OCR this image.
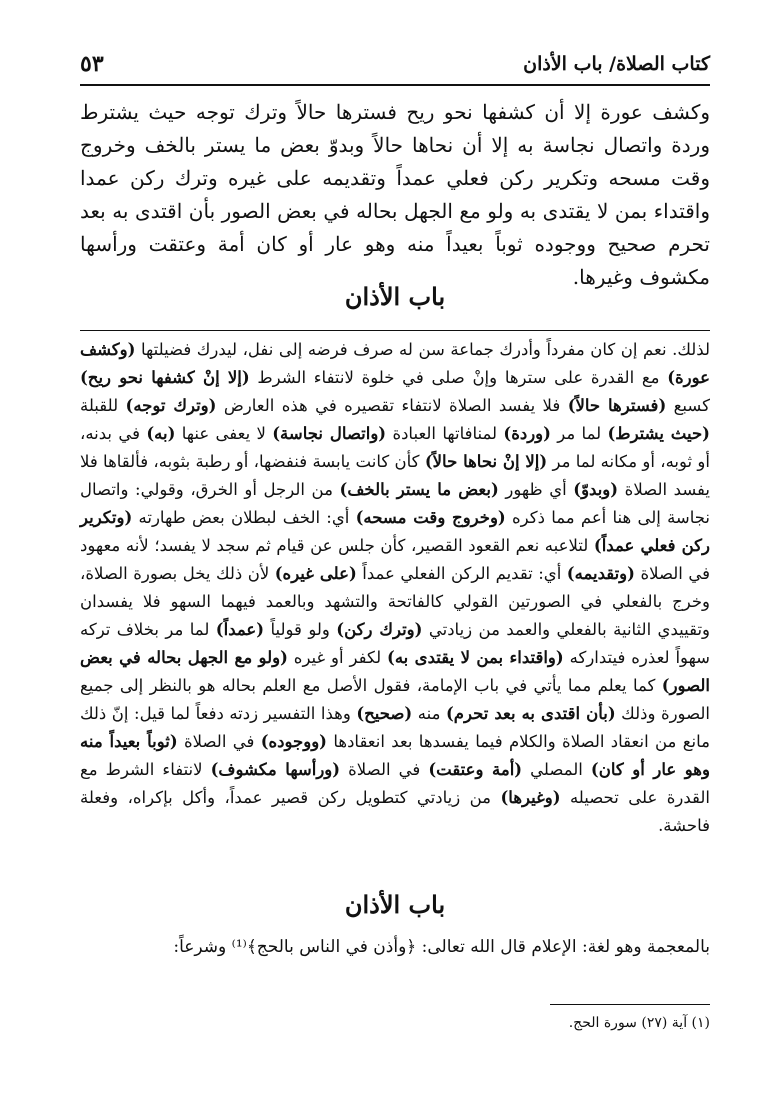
كتاب الصلاة/ باب الأذان
٥٣

وكشف عورة إلا أن كشفها نحو ريح فسترها حالاً وترك توجه حيث يشترط وردة واتصال نجاسة به إلا أن نحاها حالاً وبدوّ بعض ما يستر بالخف وخروج وقت مسحه وتكرير ركن فعلي عمداً وتقديمه على غيره وترك ركن عمدا واقتداء بمن لا يقتدى به ولو مع الجهل بحاله في بعض الصور بأن اقتدى به بعد تحرم صحيح ووجوده ثوباً بعيداً منه وهو عار أو كان أمة وعتقت ورأسها مكشوف وغيرها.

باب الأذان

لذلك. نعم إن كان مفرداً وأدرك جماعة سن له صرف فرضه إلى نفل، ليدرك فضيلتها (وكشف عورة) مع القدرة على سترها وإنْ صلى في خلوة لانتفاء الشرط (إلا إنْ كشفها نحو ريح) كسبع (فسترها حالاً) فلا يفسد الصلاة لانتفاء تقصيره في هذه العارض (وترك توجه) للقبلة (حيث يشترط) لما مر (وردة) لمنافاتها العبادة (واتصال نجاسة) لا يعفى عنها (به) في بدنه، أو ثوبه، أو مكانه لما مر (إلا إنْ نحاها حالاً) كأن كانت يابسة فنفضها، أو رطبة بثوبه، فألقاها فلا يفسد الصلاة (وبدوّ) أي ظهور (بعض ما يستر بالخف) من الرجل أو الخرق، وقولي: واتصال نجاسة إلى هنا أعم مما ذكره (وخروج وقت مسحه) أي: الخف لبطلان بعض طهارته (وتكرير ركن فعلي عمداً) لتلاعبه نعم القعود القصير، كأن جلس عن قيام ثم سجد لا يفسد؛ لأنه معهود في الصلاة (وتقديمه) أي: تقديم الركن الفعلي عمداً (على غيره) لأن ذلك يخل بصورة الصلاة، وخرج بالفعلي في الصورتين القولي كالفاتحة والتشهد وبالعمد فيهما السهو فلا يفسدان وتقييدي الثانية بالفعلي والعمد من زيادتي (وترك ركن) ولو قولياً (عمداً) لما مر بخلاف تركه سهواً لعذره فيتداركه (واقتداء بمن لا يقتدى به) لكفر أو غيره (ولو مع الجهل بحاله في بعض الصور) كما يعلم مما يأتي في باب الإمامة، فقول الأصل مع العلم بحاله هو بالنظر إلى جميع الصورة وذلك (بأن اقتدى به بعد تحرم) منه (صحيح) وهذا التفسير زدته دفعاً لما قيل: إنّ ذلك مانع من انعقاد الصلاة والكلام فيما يفسدها بعد انعقادها (ووجوده) في الصلاة (ثوباً بعيداً منه وهو عار أو كان) المصلي (أمة وعتقت) في الصلاة (ورأسها مكشوف) لانتفاء الشرط مع القدرة على تحصيله (وغيرها) من زيادتي كتطويل ركن قصير عمداً، وأكل بإكراه، وفعلة فاحشة.

باب الأذان
بالمعجمة وهو لغة: الإعلام قال الله تعالى: ﴿وأذن في الناس بالحج﴾⁽¹⁾ وشرعاً:
(١) آية (٢٧) سورة الحج.
